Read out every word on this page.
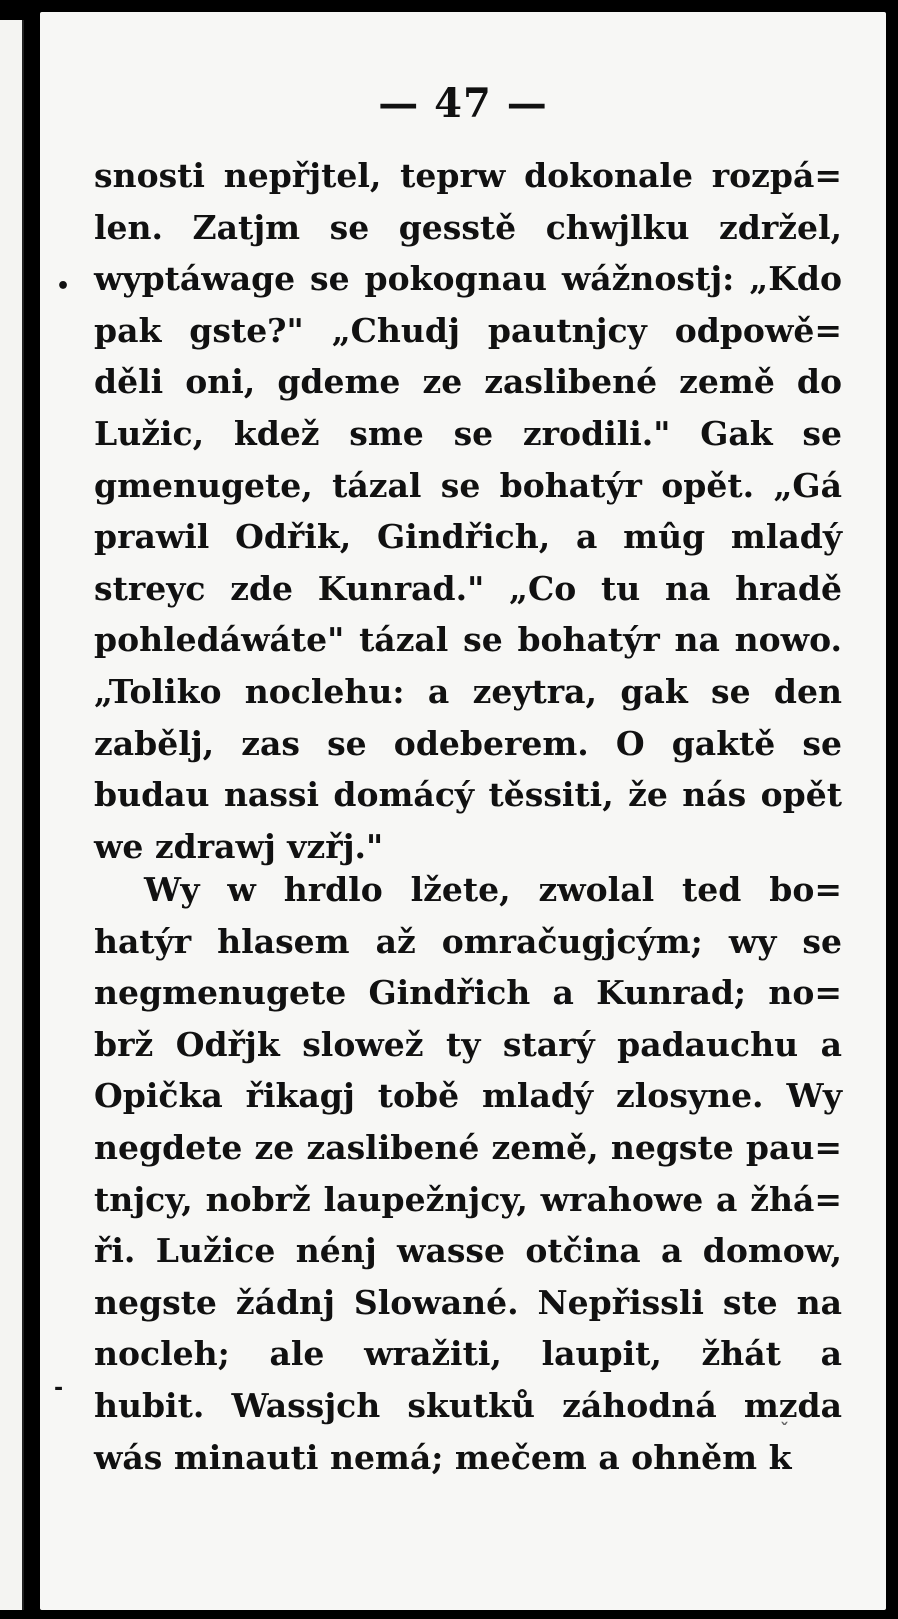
— 47 —

snosti nepřjtel, teprw dokonale rozpá=
len. Zatjm se gesstě chwjlku zdržel,
wyptáwage se pokognau wážnostj: „Kdo
pak gste?" „Chudj pautnjcy odpowě=
děli oni, gdeme ze zaslibené země do
Lužic, kdež sme se zrodili." Gak se
gmenugete, tázal se bohatýr opět. „Gá
prawil Odřik, Gindřich, a mûg mladý
streyc zde Kunrad." „Co tu na hradě
pohledáwáte" tázal se bohatýr na nowo.
„Toliko noclehu: a zeytra, gak se den
zabělj, zas se odeberem. O gaktě se
budau nassi domácý těssiti, že nás opět
we zdrawj vzřj."

Wy w hrdlo lžete, zwolal ted bo=
hatýr hlasem až omračugjcým; wy se
negmenugete Gindřich a Kunrad; no=
brž Odřjk slowež ty starý padauchu a
Opička řikagj tobě mladý zlosyne. Wy
negdete ze zaslibené země, negste pau=
tnjcy, nobrž laupežnjcy, wrahowe a žhá=
ři. Lužice nénj wasse otčina a domow,
negste žádnj Slowané. Nepřissli ste na
nocleh; ale wražiti, laupit, žhát a
hubit. Wassjch skutků záhodná mzda
wás minauti nemá; mečem a ohněm k

•
-
ˇ
